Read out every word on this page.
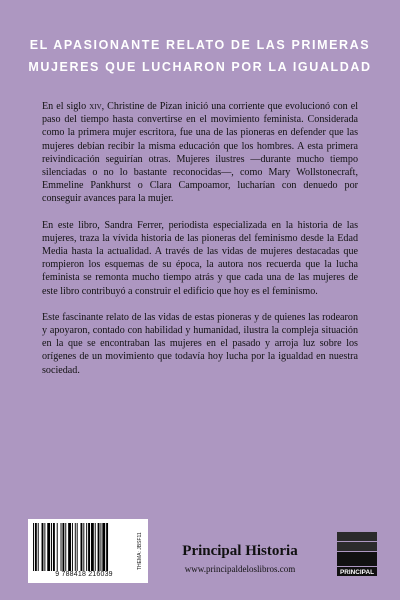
EL APASIONANTE RELATO DE LAS PRIMERAS
MUJERES QUE LUCHARON POR LA IGUALDAD

En el siglo xiv, Christine de Pizan inició una corriente que evolucionó con el paso del tiempo hasta convertirse en el movimiento feminista. Considerada como la primera mujer escritora, fue una de las pioneras en defender que las mujeres debían recibir la misma educación que los hombres. A esta primera reivindicación seguirían otras. Mujeres ilustres —durante mucho tiempo silenciadas o no lo bastante reconocidas—, como Mary Wollstonecraft, Emmeline Pankhurst o Clara Campoamor, lucharían con denuedo por conseguir avances para la mujer.

En este libro, Sandra Ferrer, periodista especializada en la historia de las mujeres, traza la vívida historia de las pioneras del feminismo desde la Edad Media hasta la actualidad. A través de las vidas de mujeres destacadas que rompieron los esquemas de su época, la autora nos recuerda que la lucha feminista se remonta mucho tiempo atrás y que cada una de las mujeres de este libro contribuyó a construir el edificio que hoy es el feminismo.

Este fascinante relato de las vidas de estas pioneras y de quienes las rodearon y apoyaron, contado con habilidad y humanidad, ilustra la compleja situación en la que se encontraban las mujeres en el pasado y arroja luz sobre los orígenes de un movimiento que todavía hoy lucha por la igualdad en nuestra sociedad.

9 788418 216039
THEMA: JBSF11	Principal Historia
www.principaldeloslibros.com	PRINCIPAL
